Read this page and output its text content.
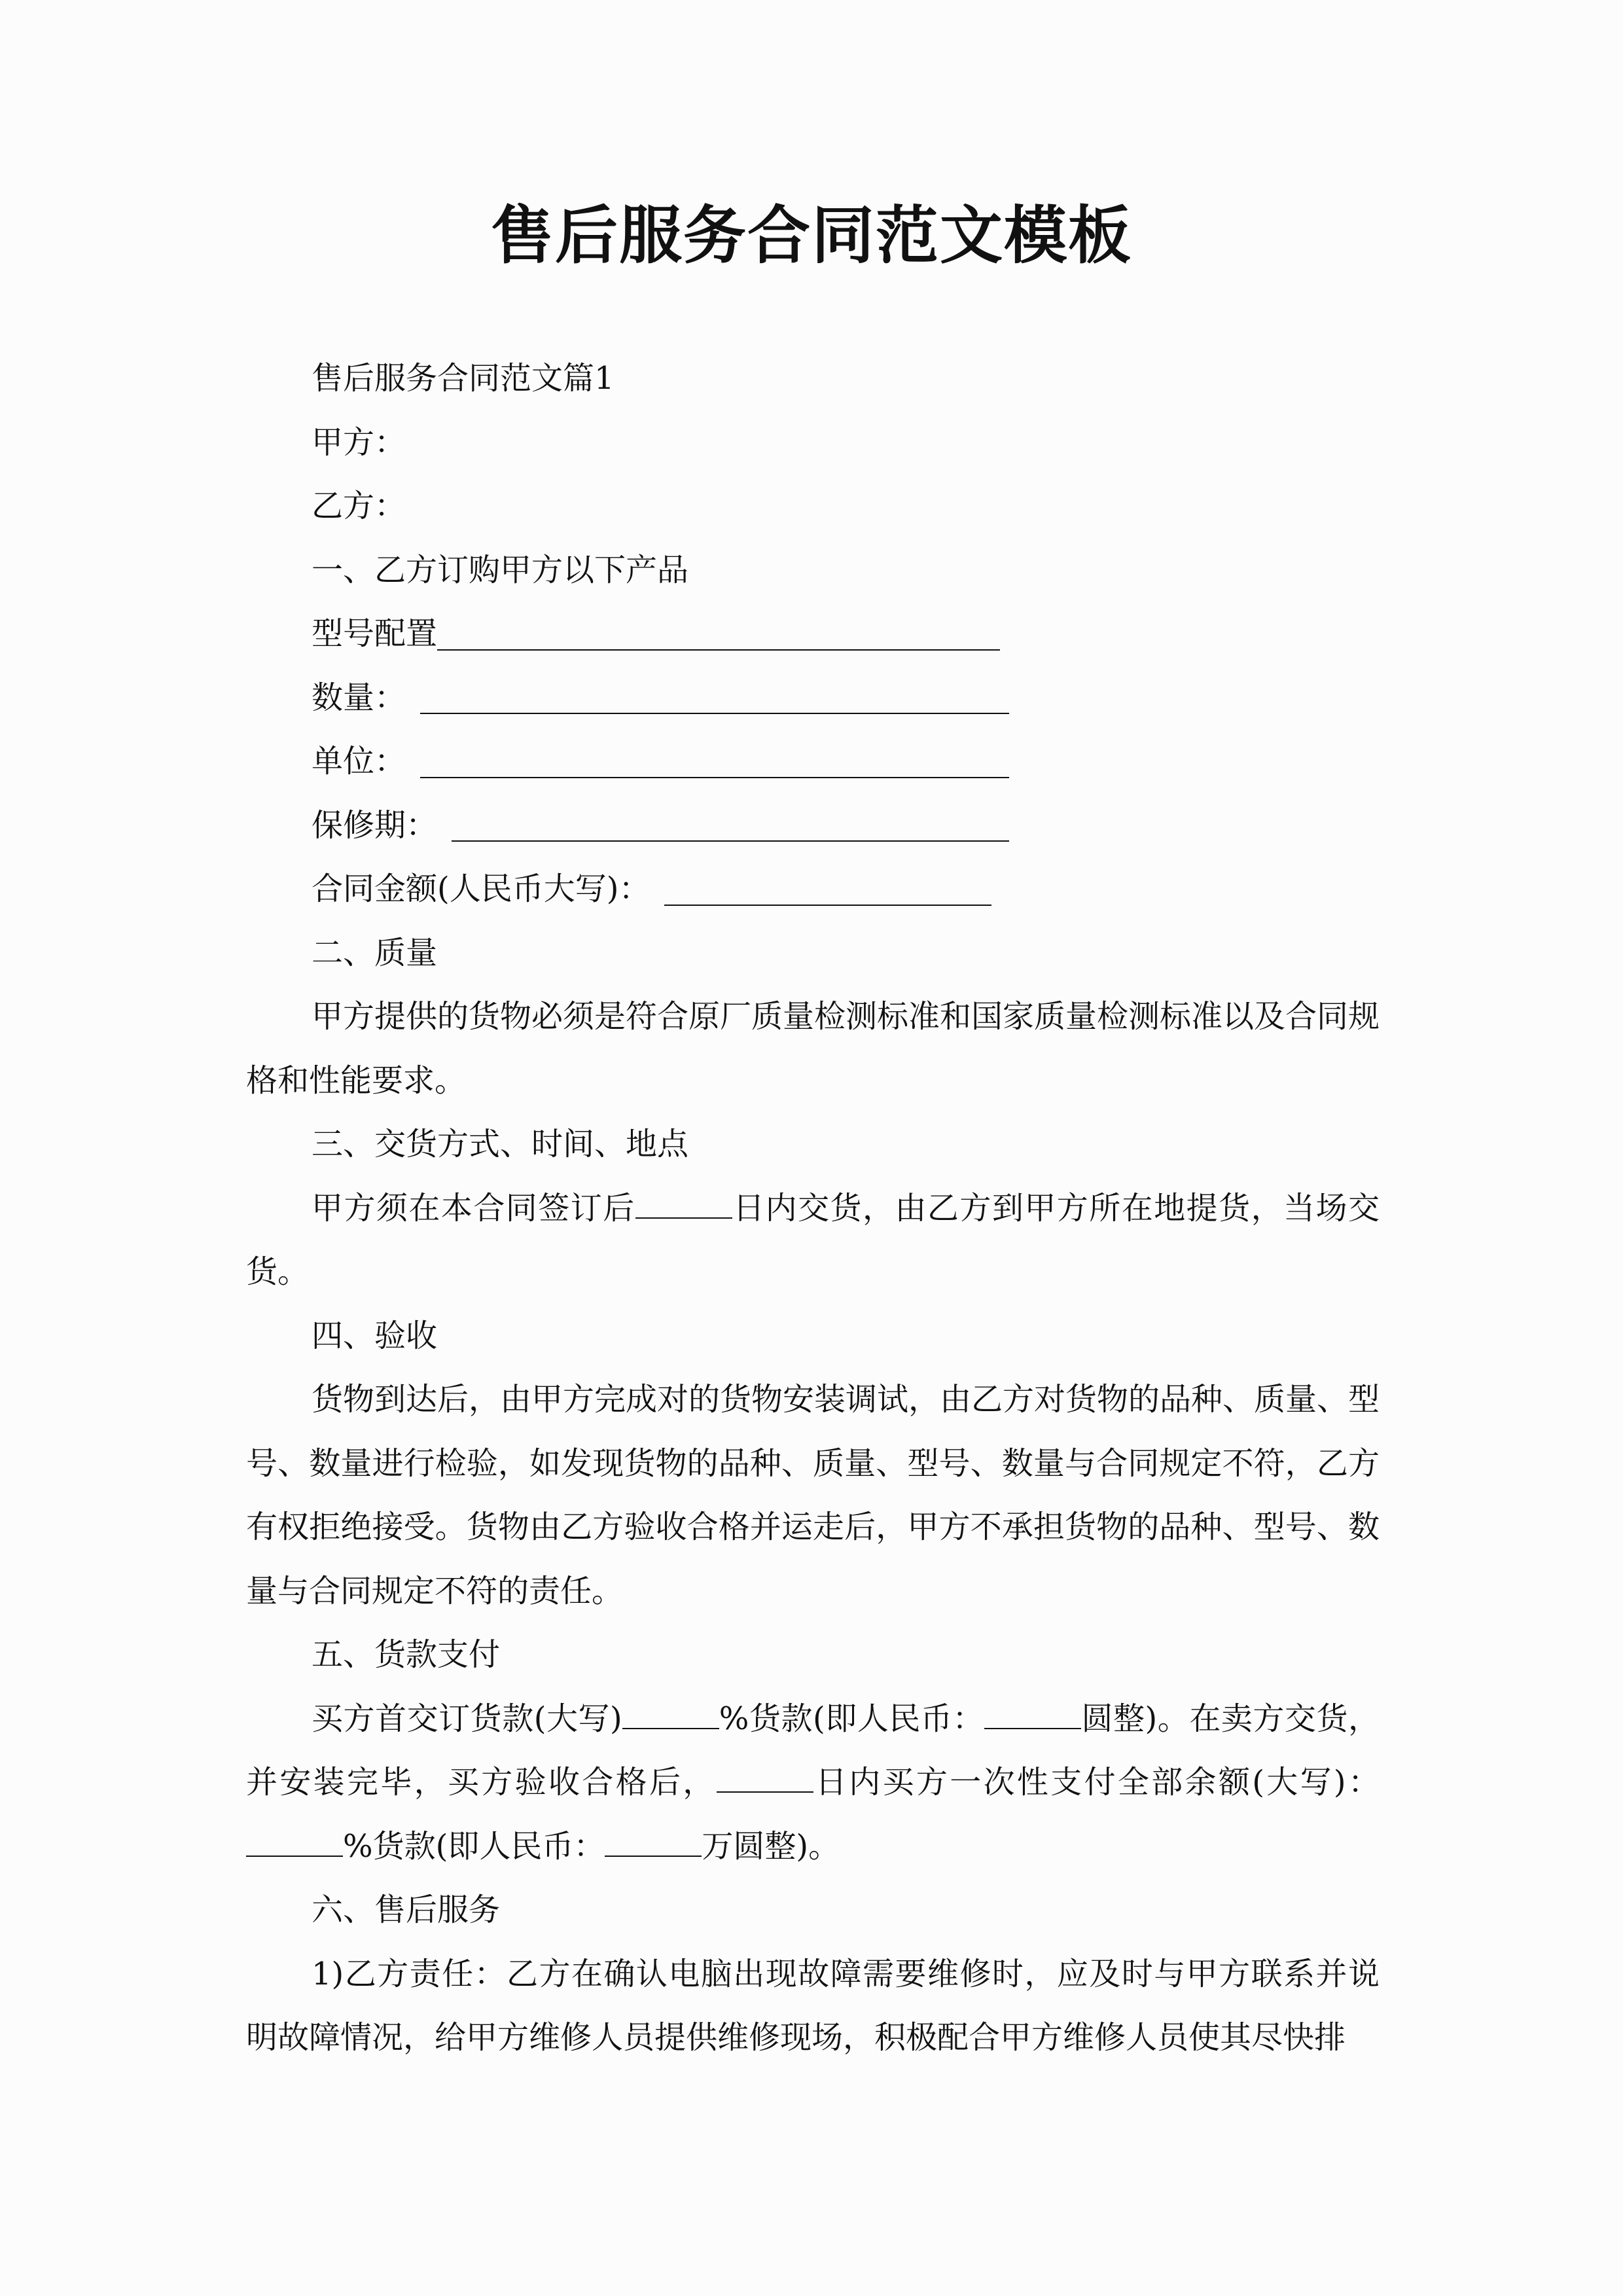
售后服务合同范文模板

售后服务合同范文篇1

甲方：

乙方：

一、乙方订购甲方以下产品

型号配置
数量：
单位：
保修期：
合同金额(人民币大写)：

二、质量

甲方提供的货物必须是符合原厂质量检测标准和国家质量检测标准以及合同规格和性能要求。

三、交货方式、时间、地点

甲方须在本合同签订后	日内交货，由乙方到甲方所在地提货，当场交货。

四、验收

货物到达后，由甲方完成对的货物安装调试，由乙方对货物的品种、质量、型号、数量进行检验，如发现货物的品种、质量、型号、数量与合同规定不符，乙方有权拒绝接受。货物由乙方验收合格并运走后，甲方不承担货物的品种、型号、数量与合同规定不符的责任。

五、货款支付

买方首交订货款(大写)	%货款(即人民币：	圆整)。在卖方交货，并安装完毕，买方验收合格后，	日内买方一次性支付全部余额(大写)：%货款(即人民币：	万圆整)。

六、售后服务

1)乙方责任：乙方在确认电脑出现故障需要维修时，应及时与甲方联系并说明故障情况，给甲方维修人员提供维修现场，积极配合甲方维修人员使其尽快排
